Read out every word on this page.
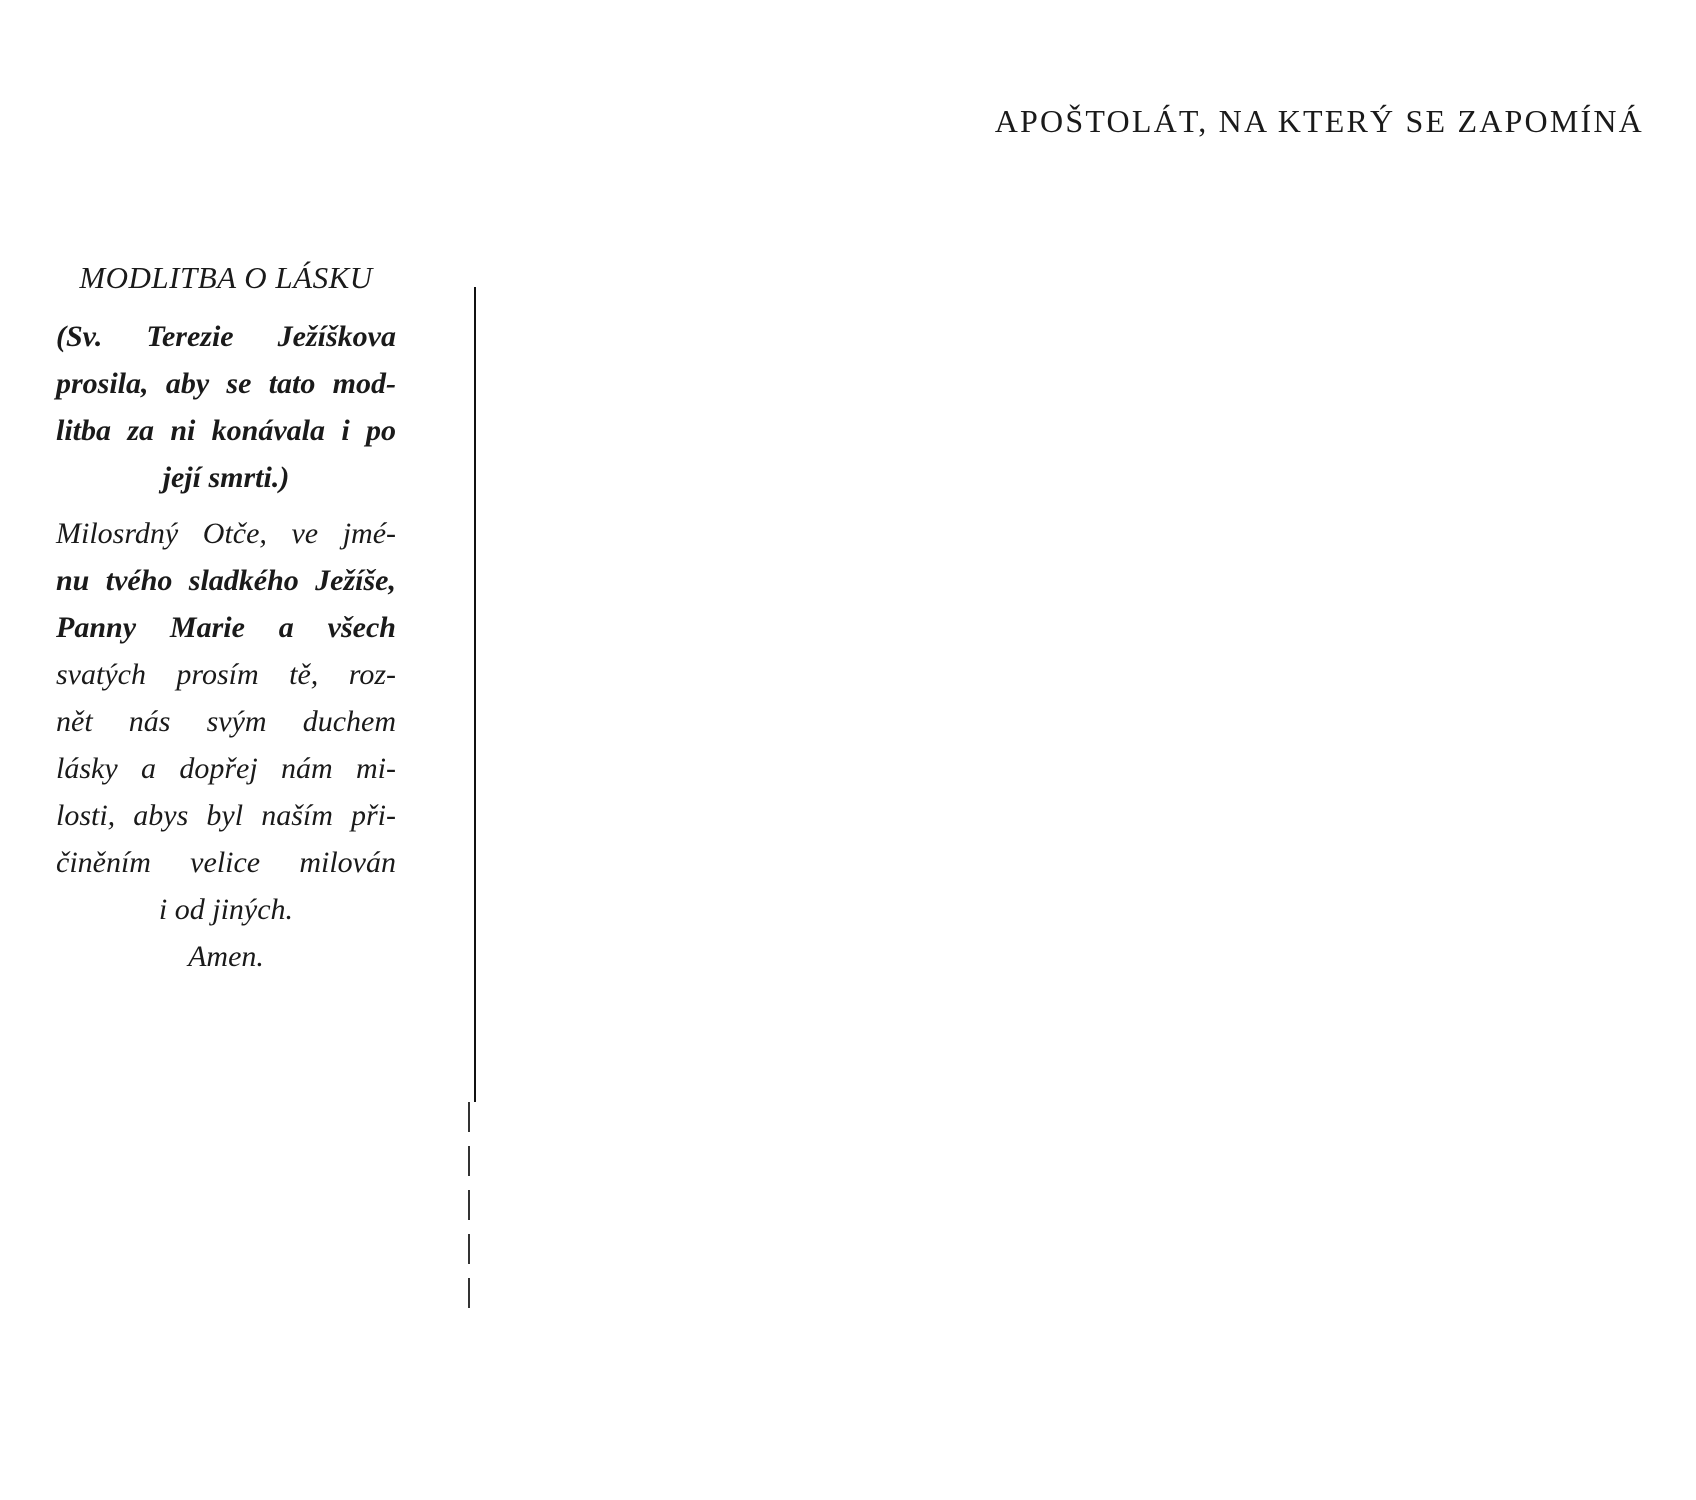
APOŠTOLÁT, NA KTERÝ SE ZAPOMÍNÁ
MODLITBA O LÁSKU
(Sv. Terezie Ježíškova
prosila, aby se tato mod-
litba za ni konávala i po
její smrti.)
Milosrdný Otče, ve jmé-
nu tvého sladkého Ježíše,
Panny Marie a všech
svatých prosím tě, roz-
nět nás svým duchem
lásky a dopřej nám mi-
losti, abys byl naším při-
činěním velice milován
i od jiných.
Amen.
